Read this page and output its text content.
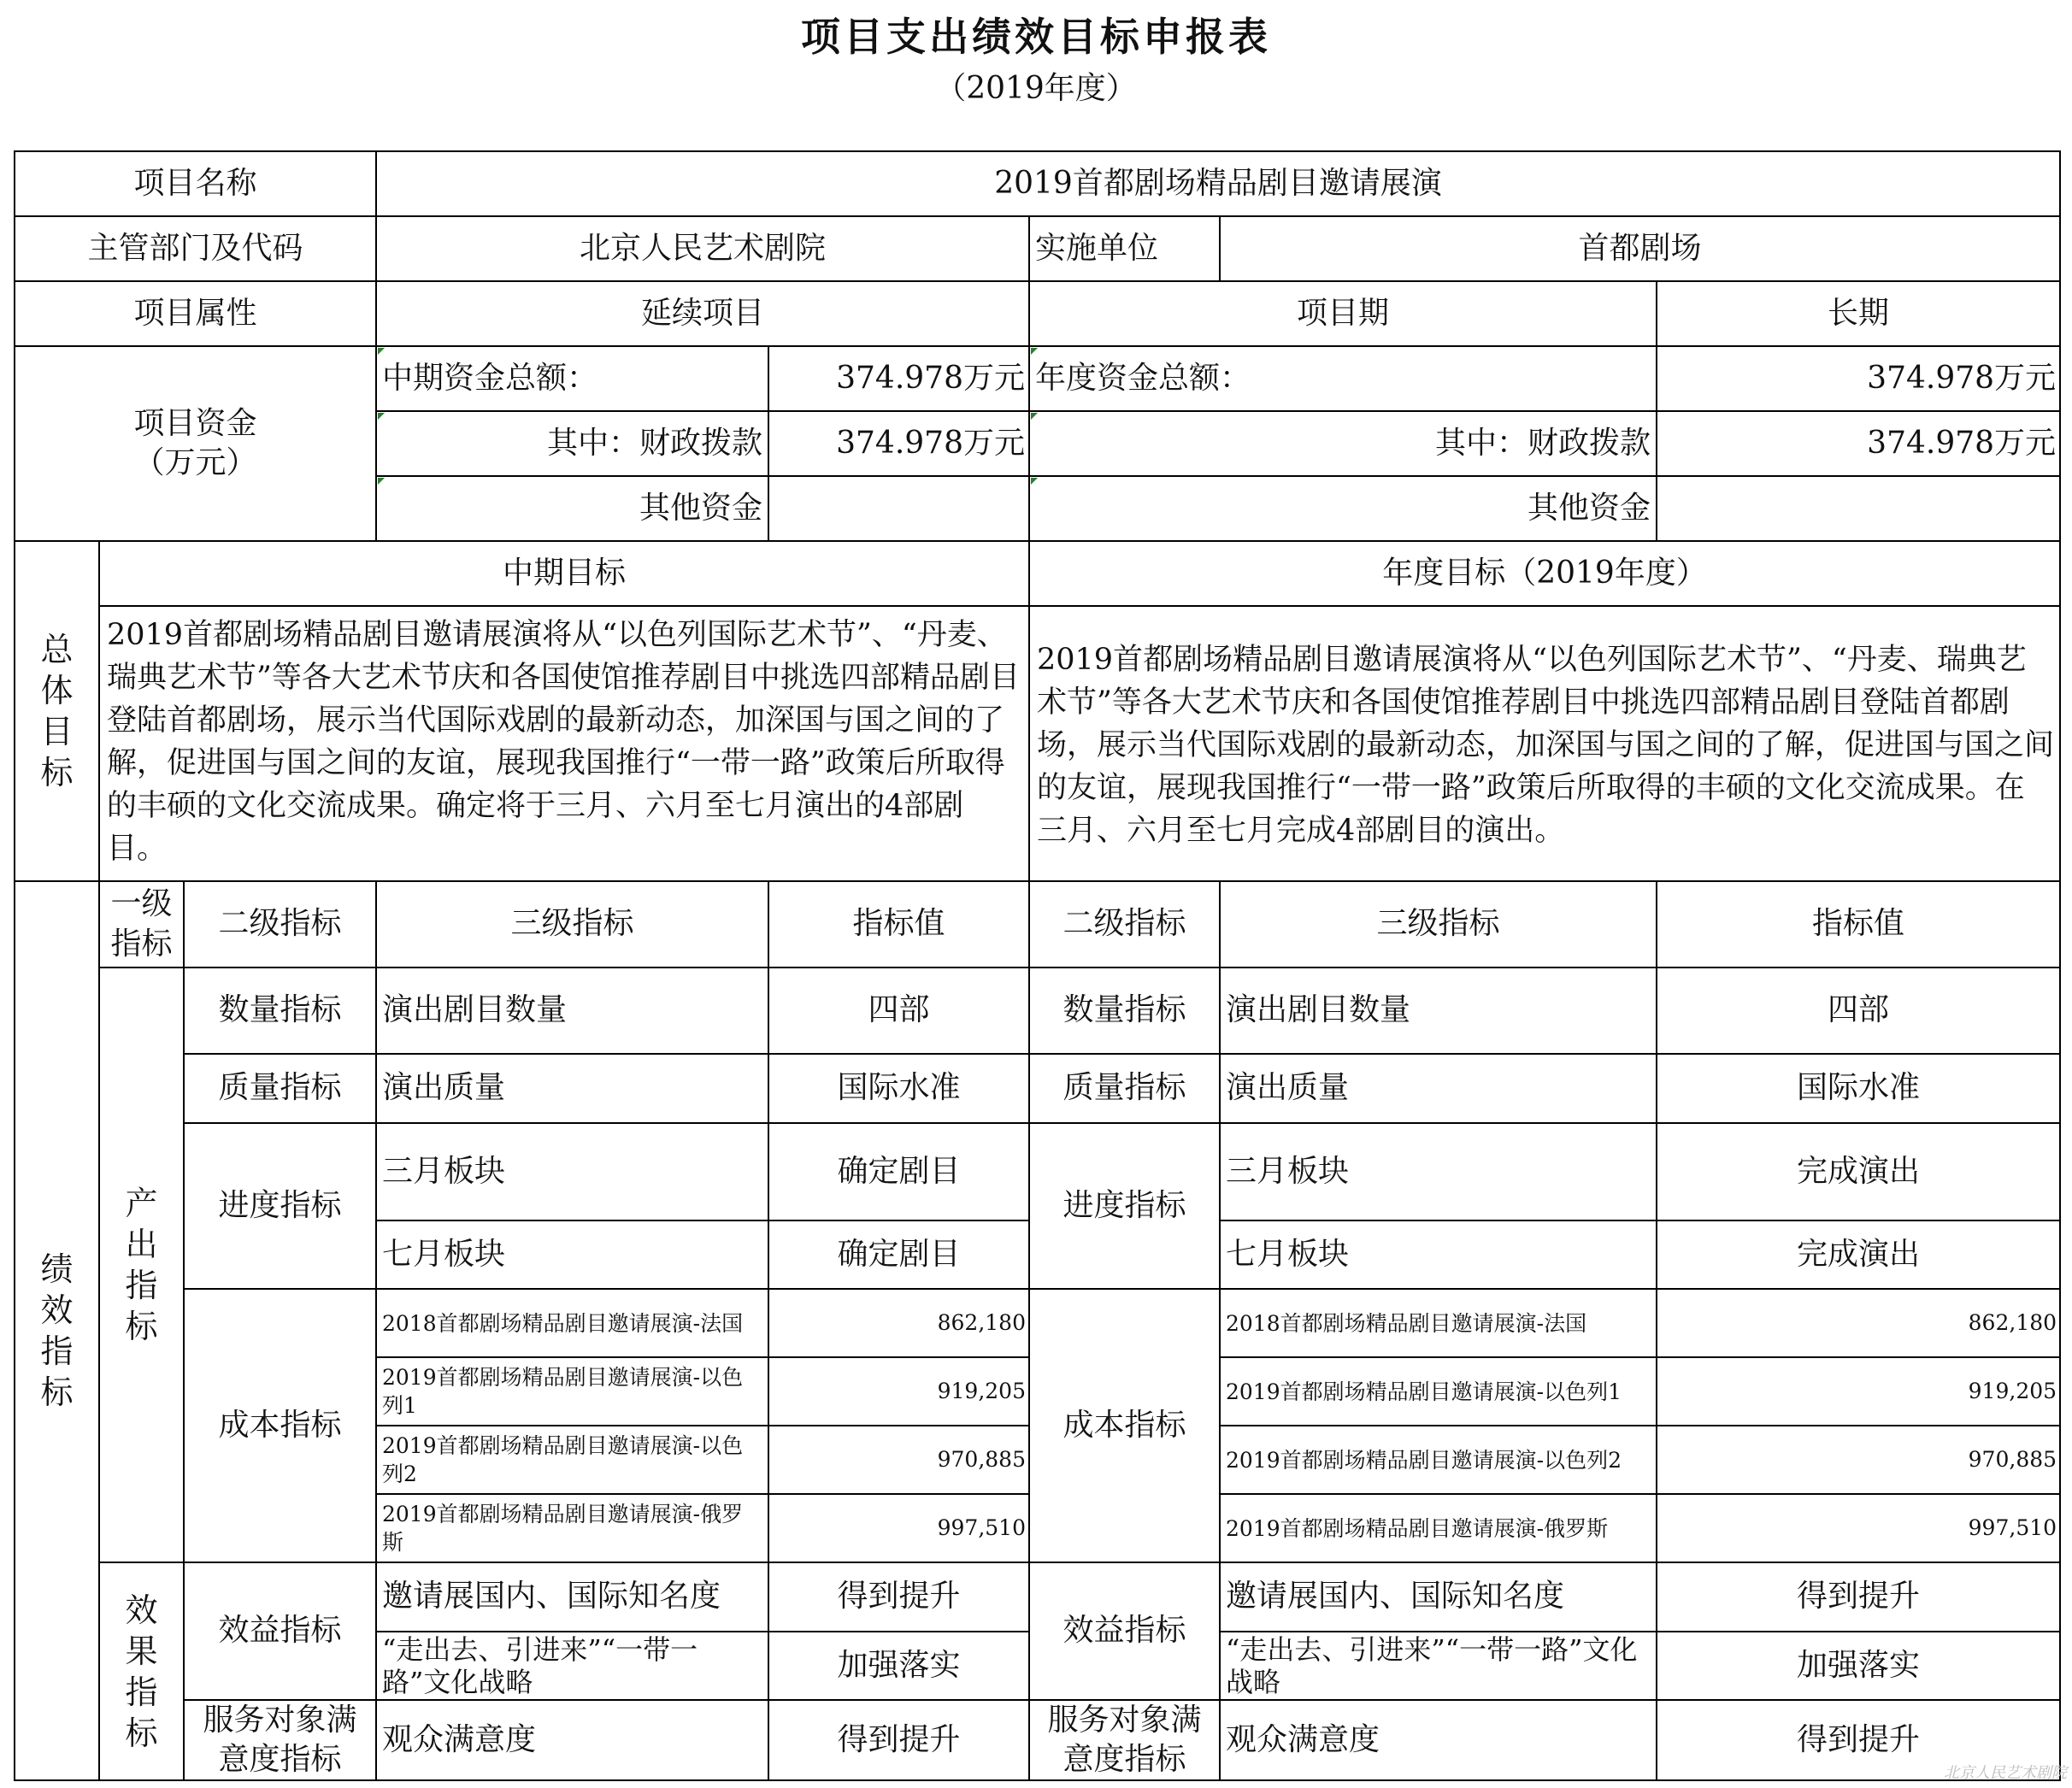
项目支出绩效目标申报表
（2019年度）
项目名称			2019首都剧场精品剧目邀请展演				
主管部门及代码			北京人民艺术剧院		实施单位	首都剧场	
项目属性			延续项目		项目期		长期
项目资金
（万元）			中期资金总额：	374.978万元	年度资金总额：		374.978万元
			其中：财政拨款	374.978万元	其中：财政拨款		374.978万元
			其他资金		其他资金		
总
体
目
标	中期目标				年度目标（2019年度）		
	2019首都剧场精品剧目邀请展演将从“以色列国际艺术节”、“丹麦、瑞典艺术节”等各大艺术节庆和各国使馆推荐剧目中挑选四部精品剧目登陆首都剧场，展示当代国际戏剧的最新动态，加深国与国之间的了解，促进国与国之间的友谊，展现我国推行“一带一路”政策后所取得的丰硕的文化交流成果。确定将于三月、六月至七月演出的4部剧目。				2019首都剧场精品剧目邀请展演将从“以色列国际艺术节”、“丹麦、瑞典艺术节”等各大艺术节庆和各国使馆推荐剧目中挑选四部精品剧目登陆首都剧场，展示当代国际戏剧的最新动态，加深国与国之间的了解，促进国与国之间的友谊，展现我国推行“一带一路”政策后所取得的丰硕的文化交流成果。在三月、六月至七月完成4部剧目的演出。		
绩
效
指
标	一级
指标	二级指标	三级指标	指标值	二级指标	三级指标	指标值
	产
出
指
标	数量指标	演出剧目数量	四部	数量指标	演出剧目数量	四部
		质量指标	演出质量	国际水准	质量指标	演出质量	国际水准
		进度指标	三月板块	确定剧目	进度指标	三月板块	完成演出
			七月板块	确定剧目		七月板块	完成演出
		成本指标	2018首都剧场精品剧目邀请展演-法国	862,180	成本指标	2018首都剧场精品剧目邀请展演-法国	862,180
			2019首都剧场精品剧目邀请展演-以色列1	919,205		2019首都剧场精品剧目邀请展演-以色列1	919,205
			2019首都剧场精品剧目邀请展演-以色列2	970,885		2019首都剧场精品剧目邀请展演-以色列2	970,885
			2019首都剧场精品剧目邀请展演-俄罗斯	997,510		2019首都剧场精品剧目邀请展演-俄罗斯	997,510
	效
果
指
标	效益指标	邀请展国内、国际知名度	得到提升	效益指标	邀请展国内、国际知名度	得到提升
			“走出去、引进来”“一带一路”文化战略	加强落实		“走出去、引进来”“一带一路”文化战略	加强落实
		服务对象满意度指标	观众满意度	得到提升	服务对象满意度指标	观众满意度	得到提升
北京人民艺术剧院
